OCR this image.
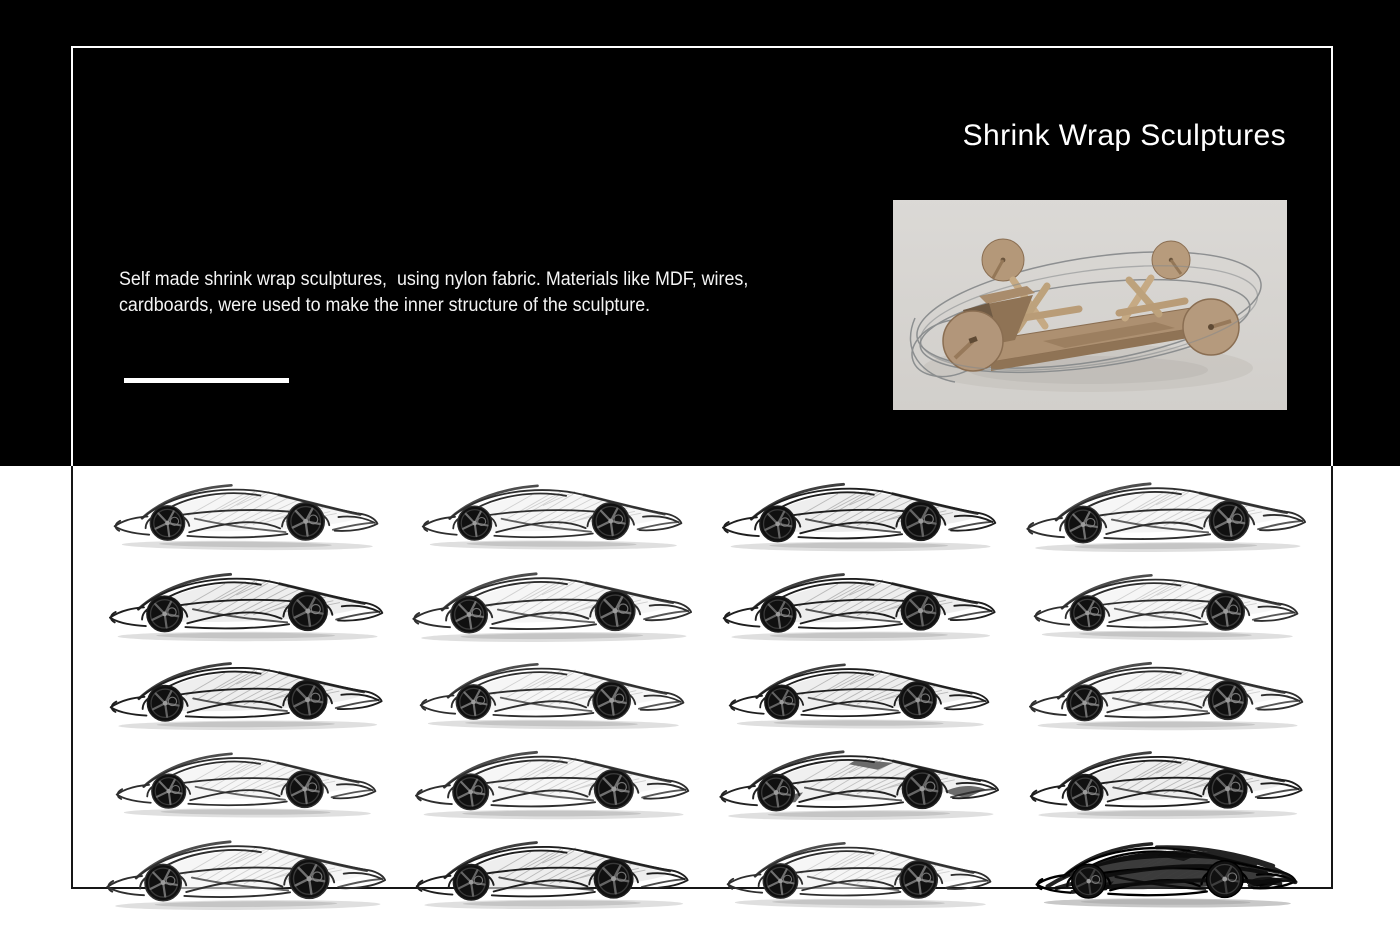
Shrink Wrap Sculptures
Self made shrink wrap sculptures,  using nylon fabric. Materials like MDF, wires,
cardboards, were used to make the inner structure of the sculpture.
